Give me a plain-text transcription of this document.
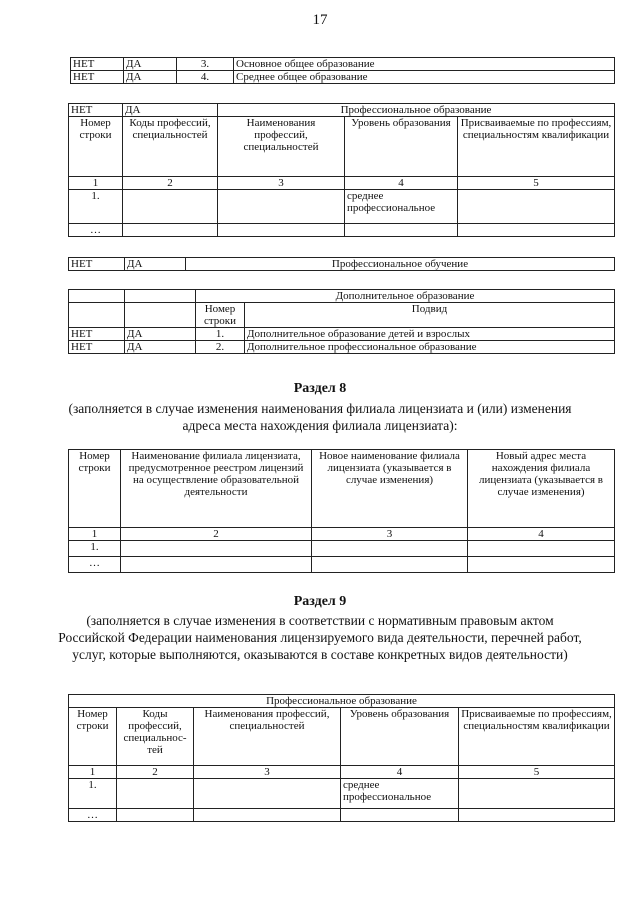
17
НЕТ	ДА	3.	Основное общее образование
НЕТ	ДА	4.	Среднее общее образование
НЕТ	ДА	Профессиональное образование		
Номер строки	Коды профессий, специальностей	Наименования профессий, специальностей	Уровень образования	Присваиваемые по профессиям, специальностям квалификации
1	2	3	4	5
1.			среднее профессиональное	
…				
НЕТ	ДА	Профессиональное обучение
		Дополнительное образование	
		Номер строки	Подвид
НЕТ	ДА	1.	Дополнительное образование детей и взрослых
НЕТ	ДА	2.	Дополнительное профессиональное образование
Раздел 8
(заполняется в случае изменения наименования филиала лицензиата и (или) изменения адреса места нахождения филиала лицензиата):
Номер строки	Наименование филиала лицензиата, предусмотренное реестром лицензий на осуществление образовательной деятельности	Новое наименование филиала лицензиата (указывается в случае изменения)	Новый адрес места нахождения филиала лицензиата (указывается в случае изменения)
1	2	3	4
1.			
…			
Раздел 9
(заполняется в случае изменения в соответствии с нормативным правовым актом Российской Федерации наименования лицензируемого вида деятельности, перечней работ, услуг, которые выполняются, оказываются в составе конкретных видов деятельности)
Профессиональное образование				
Номер строки	Коды профессий, специальнос-тей	Наименования профессий, специальностей	Уровень образования	Присваиваемые по профессиям, специальностям квалификации
1	2	3	4	5
1.			среднее профессиональное	
…				
